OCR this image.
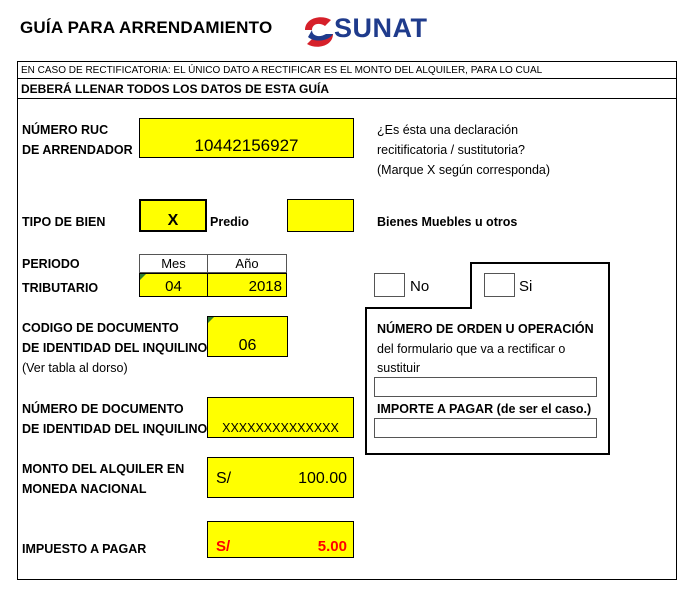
GUÍA PARA ARRENDAMIENTO SUNAT
EN CASO DE RECTIFICATORIA: EL ÚNICO DATO A RECTIFICAR ES EL MONTO DEL ALQUILER, PARA LO CUAL
DEBERÁ LLENAR TODOS LOS DATOS DE ESTA GUÍA
NÚMERO RUC
DE ARRENDADOR	10442156927
¿Es ésta una declaración
recitificatoria / sustitutoria?
(Marque X según corresponda)
TIPO DE BIEN	X	Predio	Bienes Muebles u otros
PERIODO
TRIBUTARIO
Mes	Año
04	2018	No	Si
NÚMERO DE ORDEN U OPERACIÓN
del formulario que va a rectificar o
sustituir
IMPORTE A PAGAR (de ser el caso.)
CODIGO DE DOCUMENTO
DE IDENTIDAD DEL INQUILINO
(Ver tabla al dorso)
06
NÚMERO DE DOCUMENTO
DE IDENTIDAD DEL INQUILINO	XXXXXXXXXXXXXX
MONTO DEL ALQUILER EN
MONEDA NACIONAL
S/	100.00
IMPUESTO A PAGAR	S/	5.00
